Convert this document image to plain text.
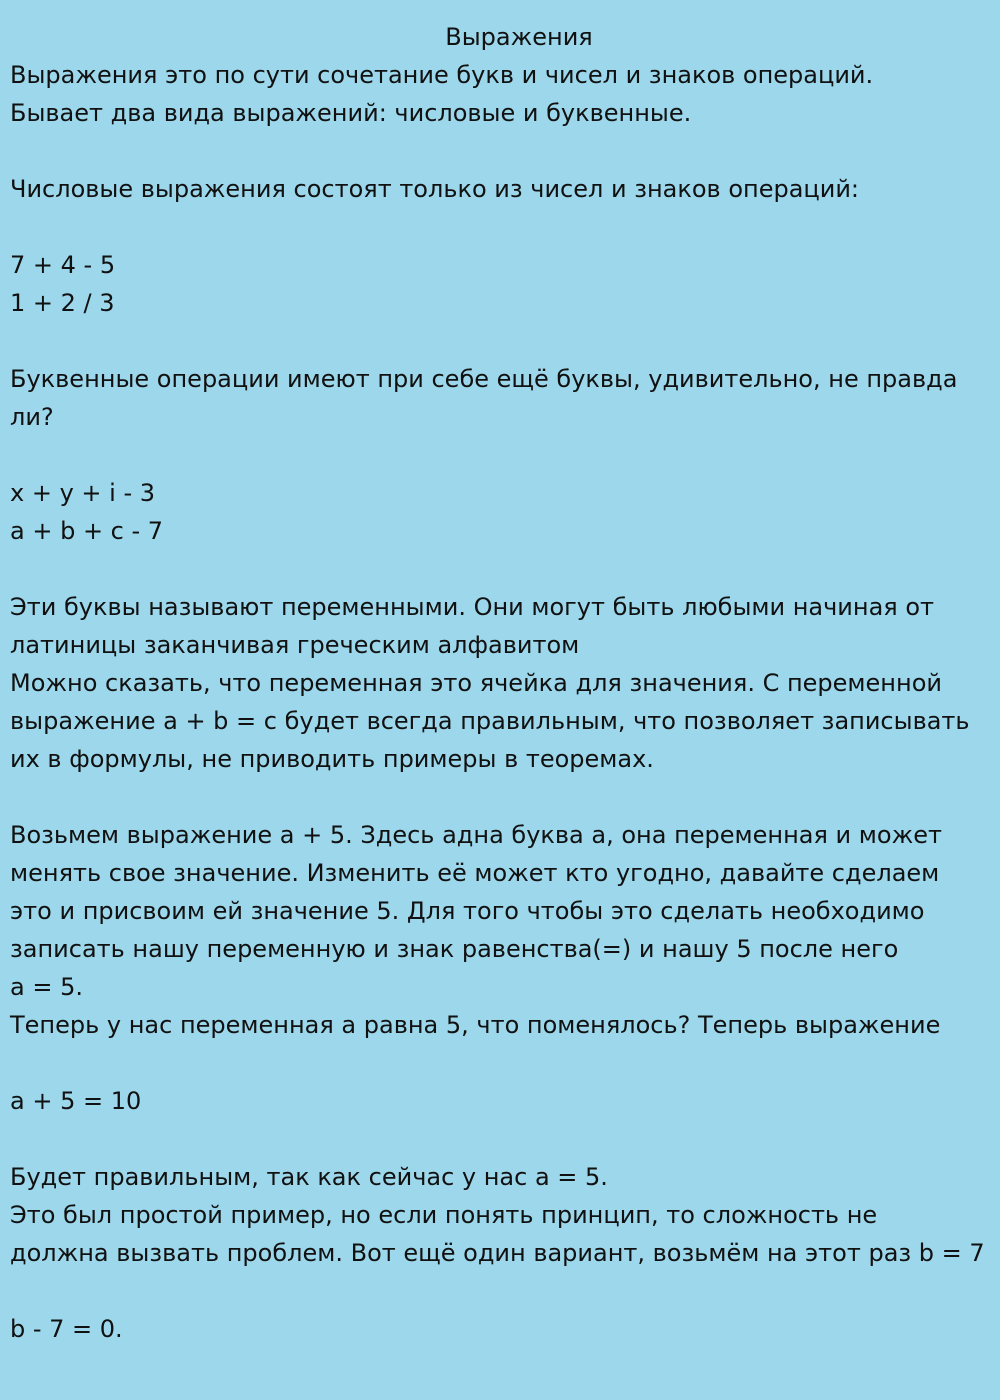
Выражения
Выражения это по сути сочетание букв и чисел и знаков операций.
Бывает два вида выражений: числовые и буквенные.
Числовые выражения состоят только из чисел и знаков операций:
7 + 4 - 5
1 + 2 / 3
Буквенные операции имеют при себе ещё буквы, удивительно, не правда
ли?
x + y + i - 3
a + b + c - 7
Эти буквы называют переменными. Они могут быть любыми начиная от
латиницы заканчивая греческим алфавитом
Можно сказать, что переменная это ячейка для значения. С переменной
выражение a + b = c будет всегда правильным, что позволяет записывать
их в формулы, не приводить примеры в теоремах.
Возьмем выражение a + 5. Здесь адна буква a, она переменная и может
менять свое значение. Изменить её может кто угодно, давайте сделаем
это и присвоим ей значение 5. Для того чтобы это сделать необходимо
записать нашу переменную и знак равенства(=) и нашу 5 после него
a = 5.
Теперь у нас переменная a равна 5, что поменялось? Теперь выражение
a + 5 = 10
Будет правильным, так как сейчас у нас a = 5.
Это был простой пример, но если понять принцип, то сложность не
должна вызвать проблем. Вот ещё один вариант, возьмём на этот раз b = 7
b - 7 = 0.
